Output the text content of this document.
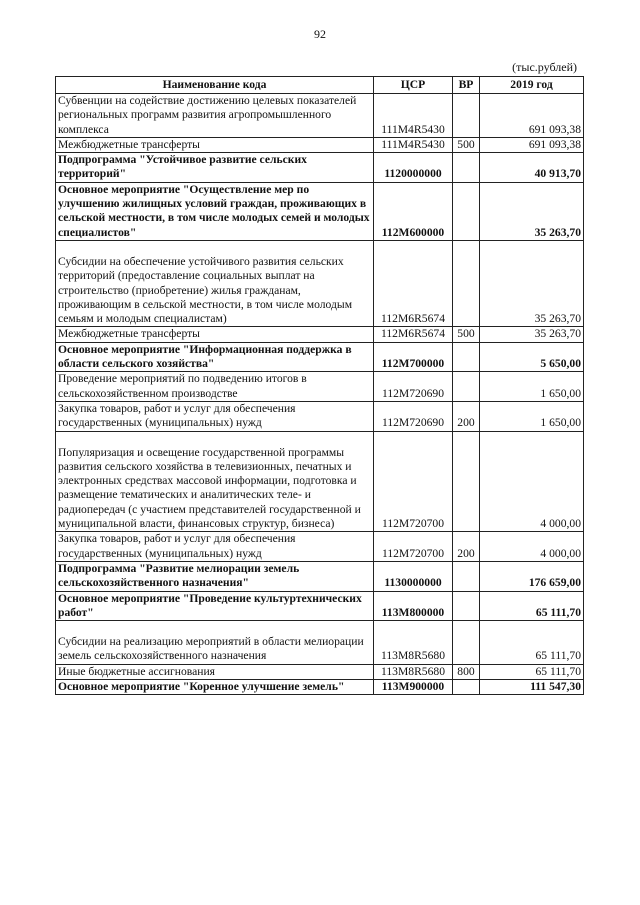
92
(тыс.рублей)
Наименование кода	ЦСР	ВР	2019 год
Субвенции на содействие достижению целевых показателей региональных программ развития агропромышленного комплекса	111M4R5430		691 093,38
Межбюджетные трансферты	111M4R5430	500	691 093,38
Подпрограмма "Устойчивое развитие сельских территорий"	1120000000		40 913,70
Основное мероприятие "Осуществление мер по улучшению жилищных условий граждан, проживающих в сельской местности, в том числе молодых семей и молодых специалистов"	112M600000		35 263,70

Субсидии на обеспечение устойчивого развития сельских территорий (предоставление социальных выплат на строительство (приобретение) жилья гражданам, проживающим в сельской местности, в том числе молодым семьям и молодым специалистам)	112M6R5674		35 263,70
Межбюджетные трансферты	112M6R5674	500	35 263,70
Основное мероприятие "Информационная поддержка в области сельского хозяйства"	112M700000		5 650,00
Проведение мероприятий по подведению итогов в сельскохозяйственном производстве	112M720690		1 650,00
Закупка товаров, работ и услуг для обеспечения государственных (муниципальных) нужд	112M720690	200	1 650,00

Популяризация и освещение государственной программы развития сельского хозяйства в телевизионных, печатных и электронных средствах массовой информации, подготовка и размещение тематических и аналитических теле- и радиопередач (с участием представителей государственной и муниципальной власти, финансовых структур, бизнеса)	112M720700		4 000,00
Закупка товаров, работ и услуг для обеспечения государственных (муниципальных) нужд	112M720700	200	4 000,00
Подпрограмма "Развитие мелиорации земель сельскохозяйственного назначения"	1130000000		176 659,00
Основное мероприятие "Проведение культуртехнических работ"	113M800000		65 111,70

Субсидии на реализацию мероприятий в области мелиорации земель сельскохозяйственного назначения	113M8R5680		65 111,70
Иные бюджетные ассигнования	113M8R5680	800	65 111,70
Основное мероприятие "Коренное улучшение земель"	113M900000		111 547,30
